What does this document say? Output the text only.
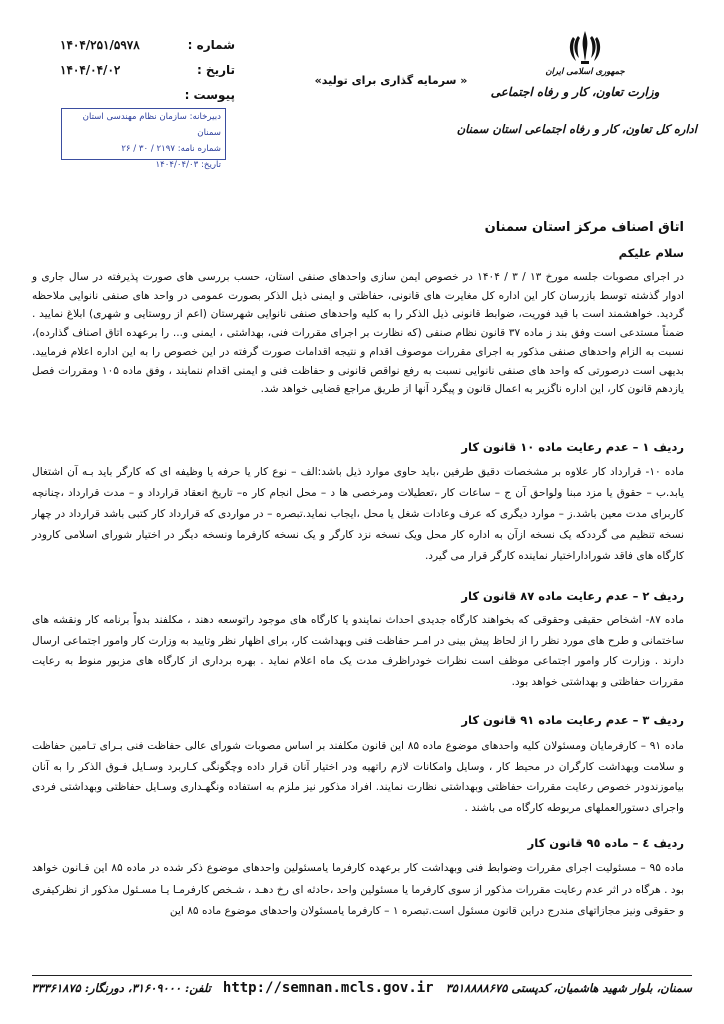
شماره :
۱۴۰۴/۲۵۱/۵۹۷۸
تاریخ :
۱۴۰۴/۰۴/۰۲
پیوست :
دبیرخانه: سازمان نظام مهندسی استان سمنان
شماره نامه: ۲۱۹۷ / ۳۰ / ۲۶
تاریخ: ۱۴۰۴/۰۴/۰۳
« سرمایه گذاری برای تولید»
جمهوری اسلامی ایران
وزارت تعاون، کار و رفاه اجتماعی
اداره کل تعاون، کار و رفاه اجتماعی استان سمنان
اتاق اصناف مرکز استان سمنان
سلام علیکم
در اجرای مصوبات جلسه مورخ ۱۳ / ۳ / ۱۴۰۴ در خصوص ایمن سازی واحدهای صنفی استان، حسب بررسی های صورت پذیرفته در سال جاری و ادوار گذشته توسط بازرسان کار این اداره کل مغایرت های قانونی، حفاظتی و ایمنی ذیل الذکر بصورت عمومی در واحد های صنفی نانوایی ملاحظه گردید. خواهشمند است با قید فوریت، ضوابط قانونی ذیل الذکر را به کلیه واحدهای صنفی نانوایی شهرستان (اعم از روستایی و شهری) ابلاغ نمایید . ضمناً مستدعی است وفق بند ز ماده ۳۷ قانون نظام صنفی (که نظارت بر اجرای مقررات فنی، بهداشتی ، ایمنی و... را برعهده اتاق اصناف گذارده)، نسبت به الزام واحدهای صنفی مذکور به اجرای مقررات موصوف اقدام و نتیجه اقدامات صورت گرفته در این خصوص را به این اداره اعلام فرمایید. بدیهی است درصورتی که واحد های صنفی نانوایی نسبت به رفع نواقص قانونی و حفاظت فنی و ایمنی اقدام ننمایند ، وفق ماده ۱۰۵ ومقررات فصل یازدهم قانون کار، این اداره ناگزیر به اعمال قانون و پیگرد آنها از طریق مراجع قضایی خواهد شد.
ردیف ۱ – عدم رعایت ماده ۱۰ قانون کار
ماده ۱۰- قرارداد کار علاوه بر مشخصات دقیق طرفین ،باید حاوی موارد ذیل باشد:الف – نوع کار یا حرفه یا وظیفه ای که کارگر باید بـه آن اشتغال یابد.ب – حقوق یا مزد مبنا ولواحق آن ج – ساعات کار ،تعطیلات ومرخصی ها د – محل انجام کار ه– تاریخ انعقاد قرارداد و – مدت قرارداد ،چنانچه کاربرای مدت معین باشد.ز – موارد دیگری که عرف وعادات شغل یا محل ،ایجاب نماید.تبصره – در مواردی که قرارداد کار کتبی باشد قرارداد در چهار نسخه تنظیم می گرددکه یک نسخه ازآن به اداره کار محل ویک نسخه نزد کارگر و یک نسخه کارفرما ونسخه دیگر در اختیار شورای اسلامی کارودر کارگاه های فاقد شوراداراختیار نماینده کارگر قرار می گیرد.
ردیف ۲ – عدم رعایت ماده ۸۷ قانون کار
ماده ۸۷- اشخاص حقیقی وحقوقی که بخواهند کارگاه جدیدی احداث نمایندو یا کارگاه های موجود راتوسعه دهند ، مکلفند بدواً برنامه کار ونقشه های ساختمانی و طرح های مورد نظر را از لحاظ پیش بینی در امـر حفاظت فنی وبهداشت کار، برای اظهار نظر وتایید به وزارت کار وامور اجتماعی ارسال دارند . وزارت کار وامور اجتماعی موظف است نظرات خودراظرف مدت یک ماه اعلام نماید . بهره برداری از کارگاه های مزبور منوط به رعایت مقررات حفاظتی و بهداشتی خواهد بود.
ردیف ۳ – عدم رعایت ماده ۹۱ قانون کار
ماده ۹۱ – کارفرمایان ومسئولان کلیه واحدهای موضوع ماده ۸۵ این قانون مکلفند بر اساس مصوبات شورای عالی حفاظت فنی بـرای تـامین حفاظت و سلامت وبهداشت کارگران در محیط کار ، وسایل وامکانات لازم راتهیه ودر اختیار آنان قرار داده وچگونگی کـاربرد وسـایل فـوق الذکر را به آنان بیاموزندودر خصوص رعایت مقررات حفاظتی وبهداشتی نظارت نمایند. افراد مذکور نیز ملزم به استفاده ونگهـداری وسـایل حفاظتی وبهداشتی فردی واجرای دستورالعملهای مربوطه کارگاه می باشند .
ردیف ٤ – ماده ٩٥ قانون کار
ماده ۹۵ – مسئولیت اجرای مقررات وضوابط فنی وبهداشت کار برعهده کارفرما یامسئولین واحدهای موضوع ذکر شده در ماده ۸۵ این قـانون خواهد بود . هرگاه در اثر عدم رعایت مقررات مذکور از سوی کارفرما یا مسئولین واحد ،حادثه ای رخ دهـد ، شـخص کارفرمـا یـا مسـئول مذکور از نظرکیفری و حقوقی ونیز مجازاتهای مندرج دراین قانون مسئول است.تبصره ۱ – کارفرما یامسئولان واحدهای موضوع ماده ۸۵ این
سمنان، بلوار شهید هاشمیان، کدپستی ۳۵۱۸۸۸۸۶۷۵   http://semnan.mcls.gov.ir   تلفن: ۳۱۶۰۹۰۰۰، دورنگار: ۳۳۳۶۱۸۷۵
